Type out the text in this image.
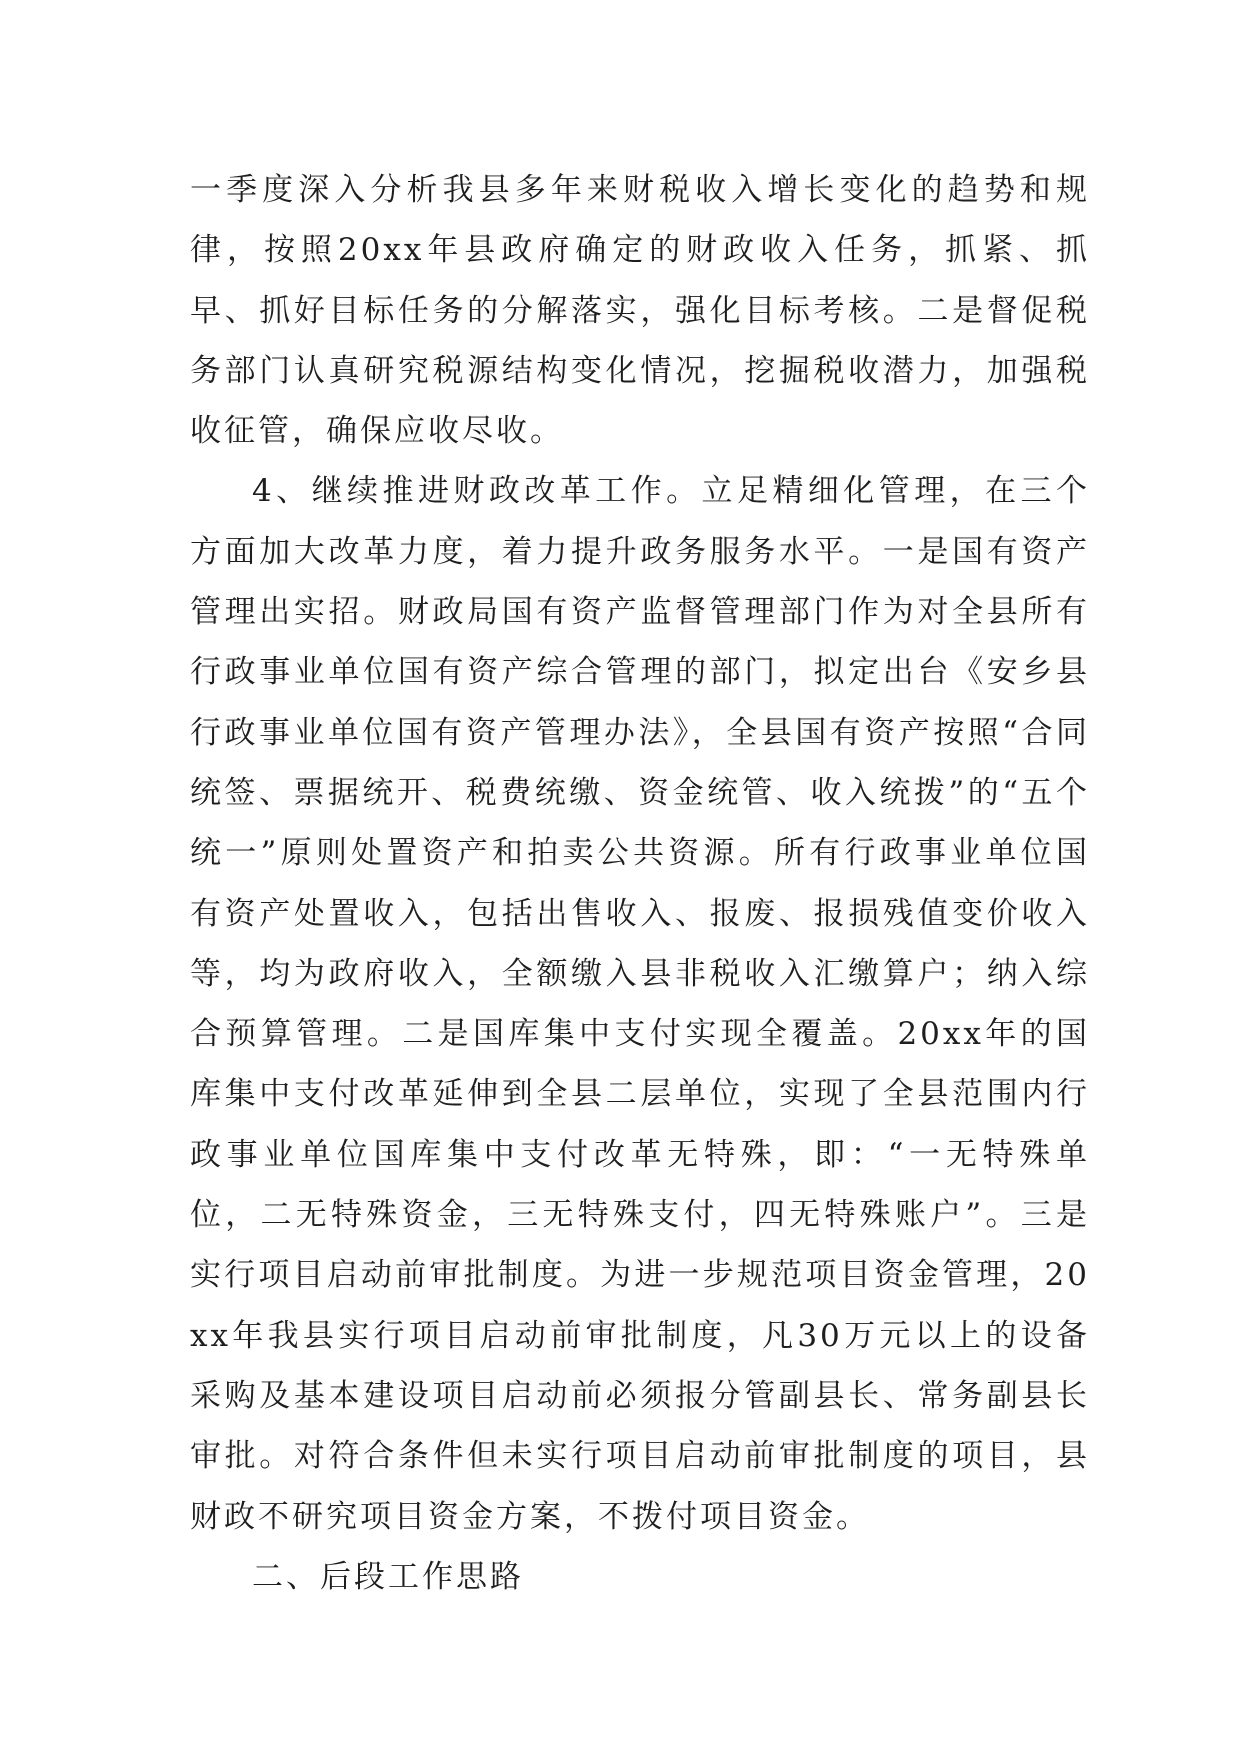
一季度深入分析我县多年来财税收入增长变化的趋势和规律，按照20xx年县政府确定的财政收入任务，抓紧、抓早、抓好目标任务的分解落实，强化目标考核。二是督促税务部门认真研究税源结构变化情况，挖掘税收潜力，加强税收征管，确保应收尽收。

4、继续推进财政改革工作。立足精细化管理，在三个方面加大改革力度，着力提升政务服务水平。一是国有资产管理出实招。财政局国有资产监督管理部门作为对全县所有行政事业单位国有资产综合管理的部门，拟定出台《安乡县行政事业单位国有资产管理办法》，全县国有资产按照“合同统签、票据统开、税费统缴、资金统管、收入统拨”的“五个统一”原则处置资产和拍卖公共资源。所有行政事业单位国有资产处置收入，包括出售收入、报废、报损残值变价收入等，均为政府收入，全额缴入县非税收入汇缴算户；纳入综合预算管理。二是国库集中支付实现全覆盖。20xx年的国库集中支付改革延伸到全县二层单位，实现了全县范围内行政事业单位国库集中支付改革无特殊，即：“一无特殊单位，二无特殊资金，三无特殊支付，四无特殊账户”。三是实行项目启动前审批制度。为进一步规范项目资金管理，20xx年我县实行项目启动前审批制度，凡30万元以上的设备采购及基本建设项目启动前必须报分管副县长、常务副县长审批。对符合条件但未实行项目启动前审批制度的项目，县财政不研究项目资金方案，不拨付项目资金。

二、后段工作思路
